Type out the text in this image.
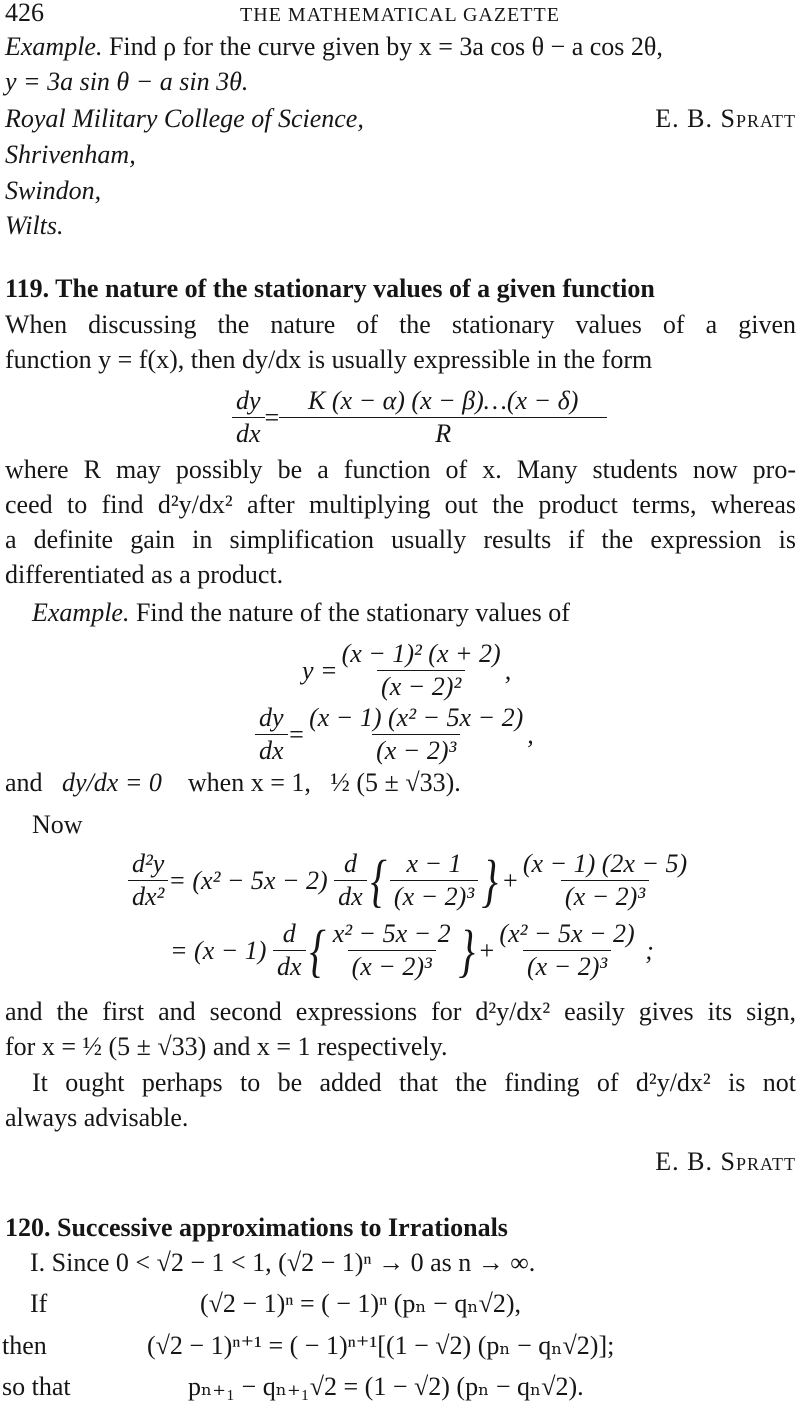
426	THE MATHEMATICAL GAZETTE
Example. Find ρ for the curve given by x = 3a cos θ − a cos 2θ,
y = 3a sin θ − a sin 3θ.
Royal Military College of Science,	E. B. Spratt
Shrivenham,
Swindon,
Wilts.
119. The nature of the stationary values of a given function
When discussing the nature of the stationary values of a given
function y = f(x), then dy/dx is usually expressible in the form
$\frac{dy}{dx} = \frac{K (x - \alpha) (x - \beta)\dots(x - \delta)}{R}$
where R may possibly be a function of x. Many students now pro-
ceed to find d²y/dx² after multiplying out the product terms, whereas
a definite gain in simplification usually results if the expression is
differentiated as a product.
Example. Find the nature of the stationary values of
$y = \frac{\text{(x − 1)² (x + 2)}}{\text{(x − 2)²}}$ ,
$\frac{dy}{dx} = \frac{\text{(x − 1) (x² − 5x − 2)}}{\text{(x − 2)³}}$ ,
and dy/dx = 0 when x = 1, ½ (5 ± √33).
Now
$\frac{\text{d²y}}{\text{dx²}} = (x^2 - 5x - 2)$
$\frac{d}{dx}$ { $\frac{x - 1}{\text{(x − 2)³}}$ } + $\frac{(x - 1) (2x - 5)}{\text{(x − 2)³}}$
= (x − 1)
$\frac{d}{dx}$ { $\frac{\text{x² − 5x − 2}}{\text{(x − 2)³}}$ } + $\frac{\text{(x² − 5x − 2)}}{\text{(x − 2)³}}$
;
and the first and second expressions for d²y/dx² easily gives its sign,
for x = ½ (5 ± √33) and x = 1 respectively.
It ought perhaps to be added that the finding of d²y/dx² is not
always advisable.
E. B. Spratt
120. Successive approximations to Irrationals
I. Since 0 < √2 − 1 < 1, (√2 − 1)ⁿ → 0 as n → ∞.
If	(√2 − 1)ⁿ = ( − 1)ⁿ (pₙ − qₙ√2),
then	(√2 − 1)ⁿ⁺¹ = ( − 1)ⁿ⁺¹[(1 − √2) (pₙ − qₙ√2)];
so that	pₙ₊₁ − qₙ₊₁√2 = (1 − √2) (pₙ − qₙ√2).
